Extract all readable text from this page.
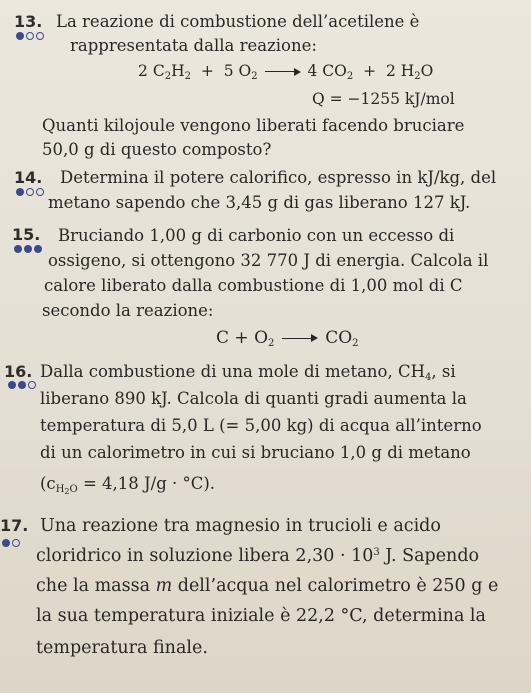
13. La reazione di combustione dell’acetilene è
rappresentata dalla reazione:
2 $C_2H_2 + 5$ $O_2$	4 $CO_2 + 2$ $H_2O$
Q = −1255 kJ/mol
Quanti kilojoule vengono liberati facendo bruciare
50,0 g di questo composto?
14. Determina il potere calorifico, espresso in kJ/kg, del
metano sapendo che 3,45 g di gas liberano 127 kJ.
15. Bruciando 1,00 g di carbonio con un eccesso di
ossigeno, si ottengono 32 770 J di energia. Calcola il
calore liberato dalla combustione di 1,00 mol di C
secondo la reazione:
$C + O_2$	$CO_2$
16. Dalla combustione di una mole di metano, $CH_4$, si
liberano 890 kJ. Calcola di quanti gradi aumenta la
temperatura di 5,0 L (= 5,00 kg) di acqua all’interno
di un calorimetro in cui si bruciano 1,0 g di metano
($c_{H_2O} = 4,18$ J/g · °C).
17. Una reazione tra magnesio in trucioli e acido
cloridrico in soluzione libera $2,30 \cdot 10^3$ J. Sapendo
che la massa m dell’acqua nel calorimetro è 250 g e
la sua temperatura iniziale è 22,2 °C, determina la
temperatura finale.
